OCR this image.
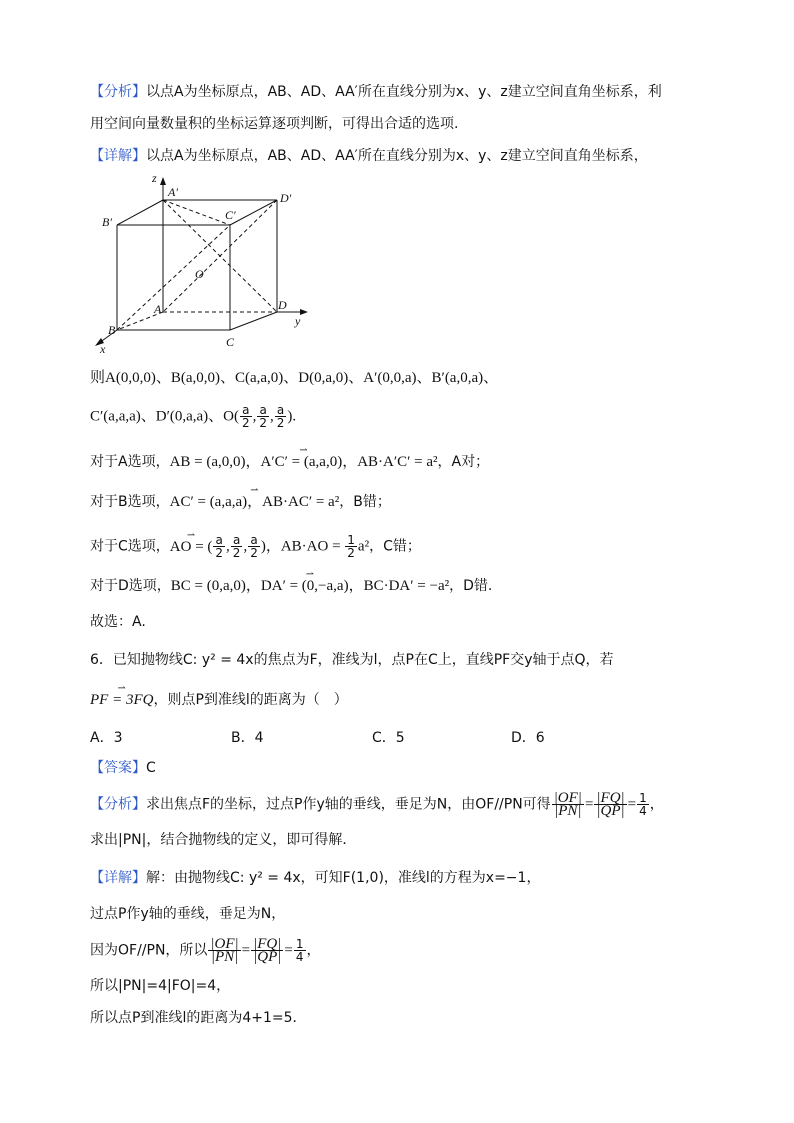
【分析】以点A为坐标原点，AB、AD、AA′所在直线分别为x、y、z建立空间直角坐标系，利
用空间向量数量积的坐标运算逐项判断，可得出合适的选项.
【详解】以点A为坐标原点，AB、AD、AA′所在直线分别为x、y、z建立空间直角坐标系，
z
A′	D′
B′	C′
O
A	D
y
B
C
x
则A(0,0,0)、B(a,0,0)、C(a,a,0)、D(0,a,0)、A′(0,0,a)、B′(a,0,a)、
C′(a,a,a)、D′(0,a,a)、$O( \frac{a}{2}$ , $\frac{a}{2}$ , $\frac{a}{2}$ ).
对于A选项，⇀ AB = (a,0,0)，A′C′ = (a,a,0)，AB·A′C′ = a²，A对；
对于B选项，⇀ AC′ = (a,a,a)，AB·AC′ = a²，B错；
对于C选项，⇀ AO = ( $\frac{a}{2}$ , $\frac{a}{2}$ , $\frac{a}{2}$ )，$AB\cdot AO = \frac{1}{2} a^2$，C错；
对于D选项，⇀ BC = (0,a,0)，DA′ = (0,−a,a)，BC·DA′ = −a²，D错.
故选：A.
6．已知抛物线C: y² = 4x的焦点为F，准线为l，点P在C上，直线PF交y轴于点Q，若
⇀ PF = 3FQ，则点P到准线l的距离为（　）
A．3	B．4	C．5	D．6
【答案】C
【分析】求出焦点F的坐标，过点P作y轴的垂线，垂足为N，由OF//PN可得 $\frac{|OF|}{|PN|} = \frac{|FQ|}{|QP|} = \frac{1}{4}$ ，
求出|PN|，结合抛物线的定义，即可得解．
【详解】解：由抛物线C: y² = 4x，可知F(1,0)，准线l的方程为x=−1，
过点P作y轴的垂线，垂足为N，
因为OF//PN，所以 $\frac{|OF|}{|PN|} = \frac{|FQ|}{|QP|} = \frac{1}{4}$ ，
所以|PN|=4|FO|=4，
所以点P到准线l的距离为4+1=5．
